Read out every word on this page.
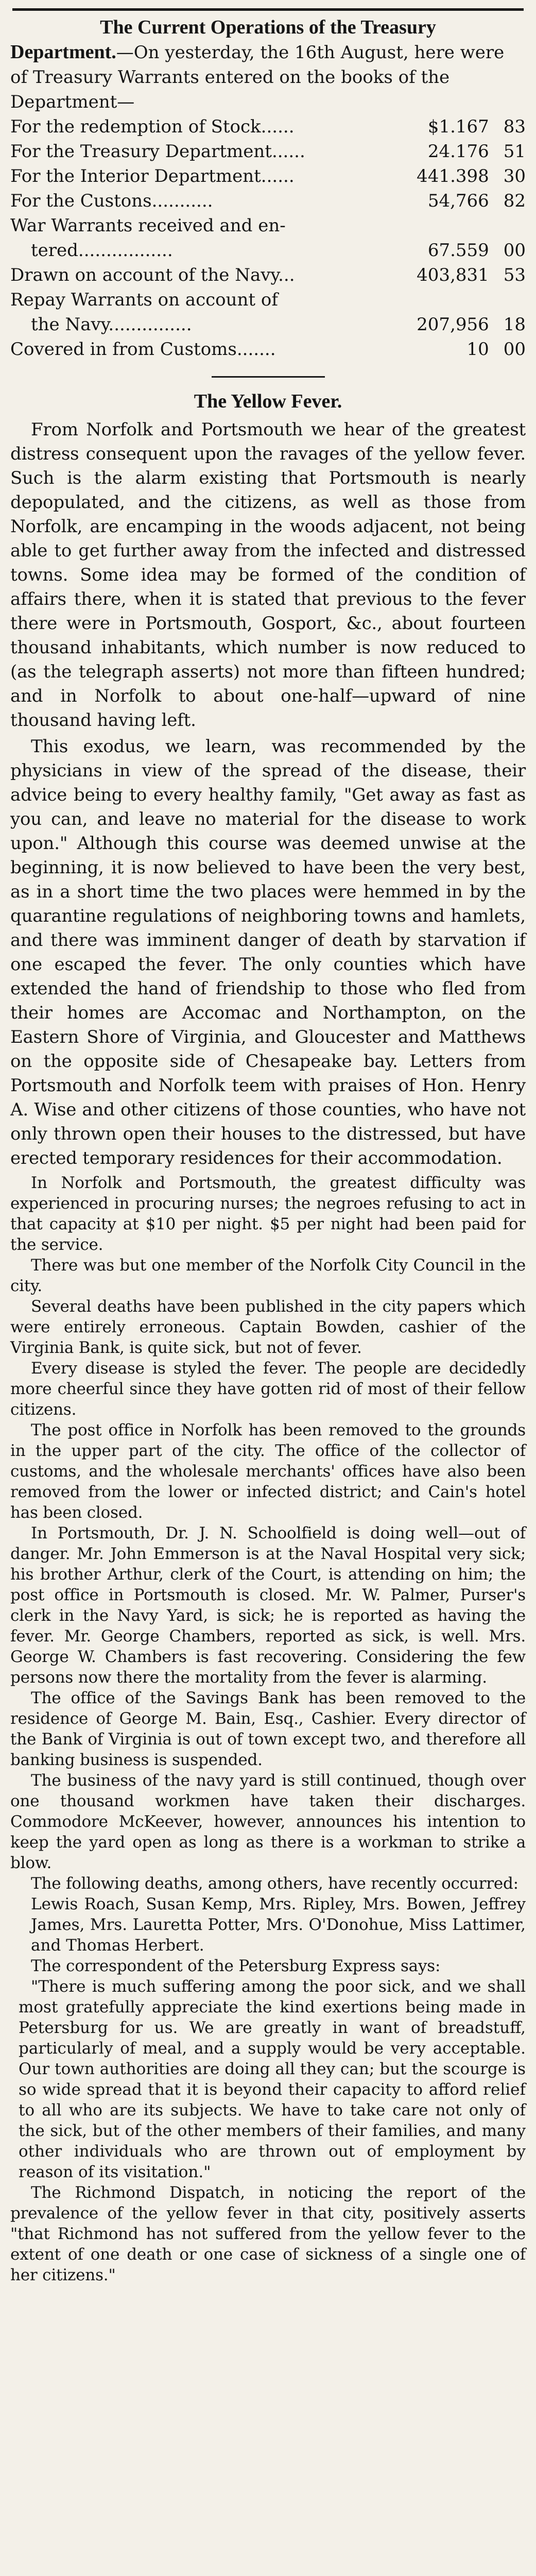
The Current Operations of the Treasury

Department.—On yesterday, the 16th August, here were of Treasury Warrants entered on the books of the Department—

For the redemption of Stock......	$1.167	83
For the Treasury Department......	24.176	51
For the Interior Department......	441.398	30
For the Custons...........	54,766	82
War Warrants received and en-		
tered.................	67.559	00
Drawn on account of the Navy...	403,831	53
Repay Warrants on account of		
the Navy...............	207,956	18
Covered in from Customs.......	10	00

The Yellow Fever.

From Norfolk and Portsmouth we hear of the greatest distress consequent upon the ravages of the yellow fever. Such is the alarm existing that Portsmouth is nearly depopulated, and the citizens, as well as those from Norfolk, are encamping in the woods adjacent, not being able to get further away from the infected and distressed towns. Some idea may be formed of the condition of affairs there, when it is stated that previous to the fever there were in Portsmouth, Gosport, &c., about fourteen thousand inhabitants, which number is now reduced to (as the telegraph asserts) not more than fifteen hundred; and in Norfolk to about one-half—upward of nine thousand having left.

This exodus, we learn, was recommended by the physicians in view of the spread of the disease, their advice being to every healthy family, "Get away as fast as you can, and leave no material for the disease to work upon." Although this course was deemed unwise at the beginning, it is now believed to have been the very best, as in a short time the two places were hemmed in by the quarantine regulations of neighboring towns and hamlets, and there was imminent danger of death by starvation if one escaped the fever. The only counties which have extended the hand of friendship to those who fled from their homes are Accomac and Northampton, on the Eastern Shore of Virginia, and Gloucester and Matthews on the opposite side of Chesapeake bay. Letters from Portsmouth and Norfolk teem with praises of Hon. Henry A. Wise and other citizens of those counties, who have not only thrown open their houses to the distressed, but have erected temporary residences for their accommodation.

In Norfolk and Portsmouth, the greatest difficulty was experienced in procuring nurses; the negroes refusing to act in that capacity at $10 per night. $5 per night had been paid for the service.

There was but one member of the Norfolk City Council in the city.

Several deaths have been published in the city papers which were entirely erroneous. Captain Bowden, cashier of the Virginia Bank, is quite sick, but not of fever.

Every disease is styled the fever. The people are decidedly more cheerful since they have gotten rid of most of their fellow citizens.

The post office in Norfolk has been removed to the grounds in the upper part of the city. The office of the collector of customs, and the wholesale merchants' offices have also been removed from the lower or infected district; and Cain's hotel has been closed.

In Portsmouth, Dr. J. N. Schoolfield is doing well—out of danger. Mr. John Emmerson is at the Naval Hospital very sick; his brother Arthur, clerk of the Court, is attending on him; the post office in Portsmouth is closed. Mr. W. Palmer, Purser's clerk in the Navy Yard, is sick; he is reported as having the fever. Mr. George Chambers, reported as sick, is well. Mrs. George W. Chambers is fast recovering. Considering the few persons now there the mortality from the fever is alarming.

The office of the Savings Bank has been removed to the residence of George M. Bain, Esq., Cashier. Every director of the Bank of Virginia is out of town except two, and therefore all banking business is suspended.

The business of the navy yard is still continued, though over one thousand workmen have taken their discharges. Commodore McKeever, however, announces his intention to keep the yard open as long as there is a workman to strike a blow.

The following deaths, among others, have recently occurred:

Lewis Roach, Susan Kemp, Mrs. Ripley, Mrs. Bowen, Jeffrey James, Mrs. Lauretta Potter, Mrs. O'Donohue, Miss Lattimer, and Thomas Herbert.

The correspondent of the Petersburg Express says:

"There is much suffering among the poor sick, and we shall most gratefully appreciate the kind exertions being made in Petersburg for us. We are greatly in want of breadstuff, particularly of meal, and a supply would be very acceptable. Our town authorities are doing all they can; but the scourge is so wide spread that it is beyond their capacity to afford relief to all who are its subjects. We have to take care not only of the sick, but of the other members of their families, and many other individuals who are thrown out of employment by reason of its visitation."

The Richmond Dispatch, in noticing the report of the prevalence of the yellow fever in that city, positively asserts "that Richmond has not suffered from the yellow fever to the extent of one death or one case of sickness of a single one of her citizens."
